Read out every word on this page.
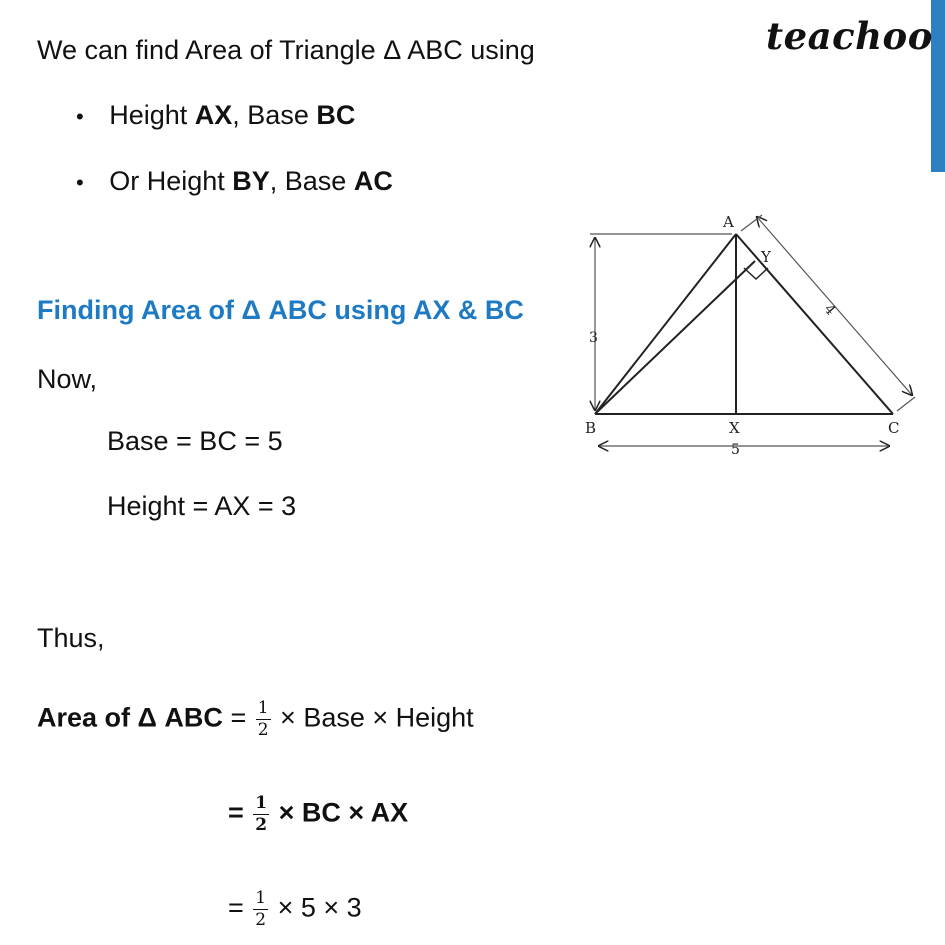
teachoo
We can find Area of Triangle Δ ABC using
• Height AX, Base BC
• Or Height BY, Base AC
Finding Area of Δ ABC using AX & BC
Now,
Base = BC = 5
Height = AX = 3
Thus,
Area of Δ ABC = $\frac{1}{2}$ × Base × Height
= $\frac{1}{2}$ × BC × AX
= $\frac{1}{2} \times 5 \times 3$
A
B	C
X
Y
3
5
4
